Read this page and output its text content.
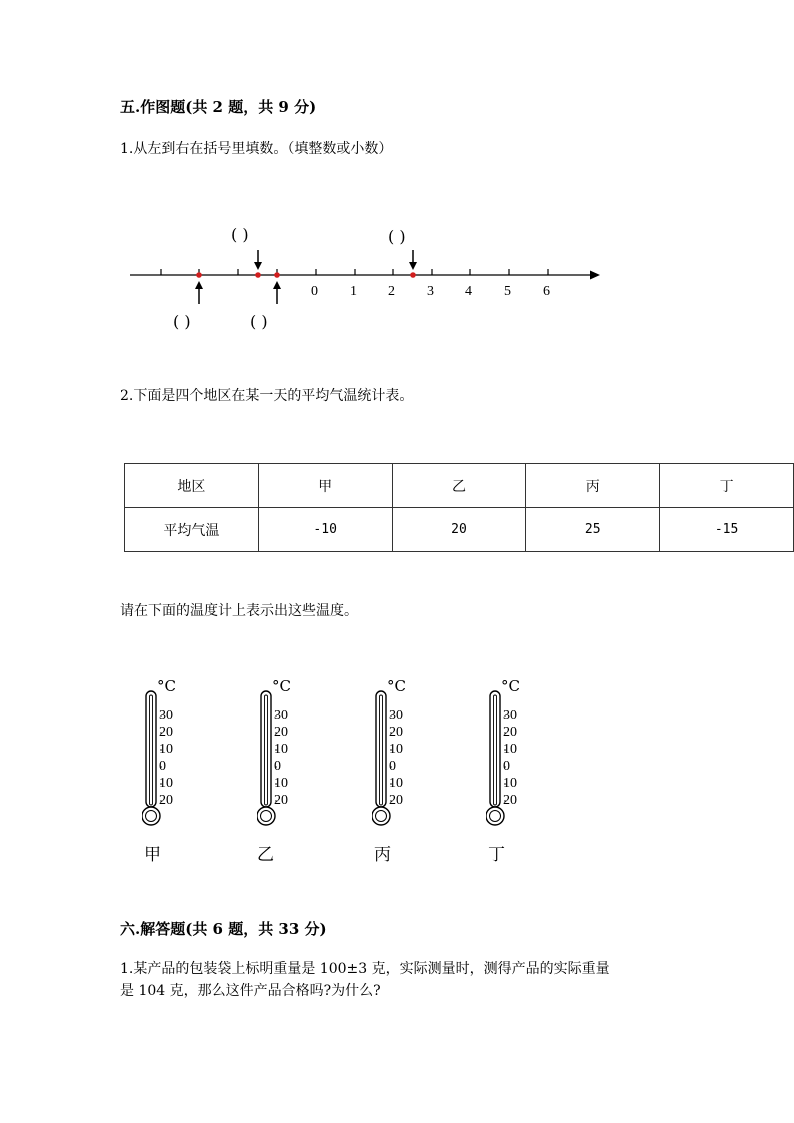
五.作图题(共 2 题，共 9 分)
1.从左到右在括号里填数。（填整数或小数）
0 1 2 3 4 5 6
( )	( )
( )	( )
2.下面是四个地区在某一天的平均气温统计表。
地区	甲	乙	丙	丁
平均气温	-10	20	25	-15
请在下面的温度计上表示出这些温度。
°C
30
20
10
0
10
20
甲
°C
30
20
10
0
10
20
乙
°C
30
20
10
0
10
20
丙
°C
30
20
10
0
10
20
丁
六.解答题(共 6 题，共 33 分)
1.某产品的包装袋上标明重量是 100±3 克，实际测量时，测得产品的实际重量
是 104 克，那么这件产品合格吗?为什么?
